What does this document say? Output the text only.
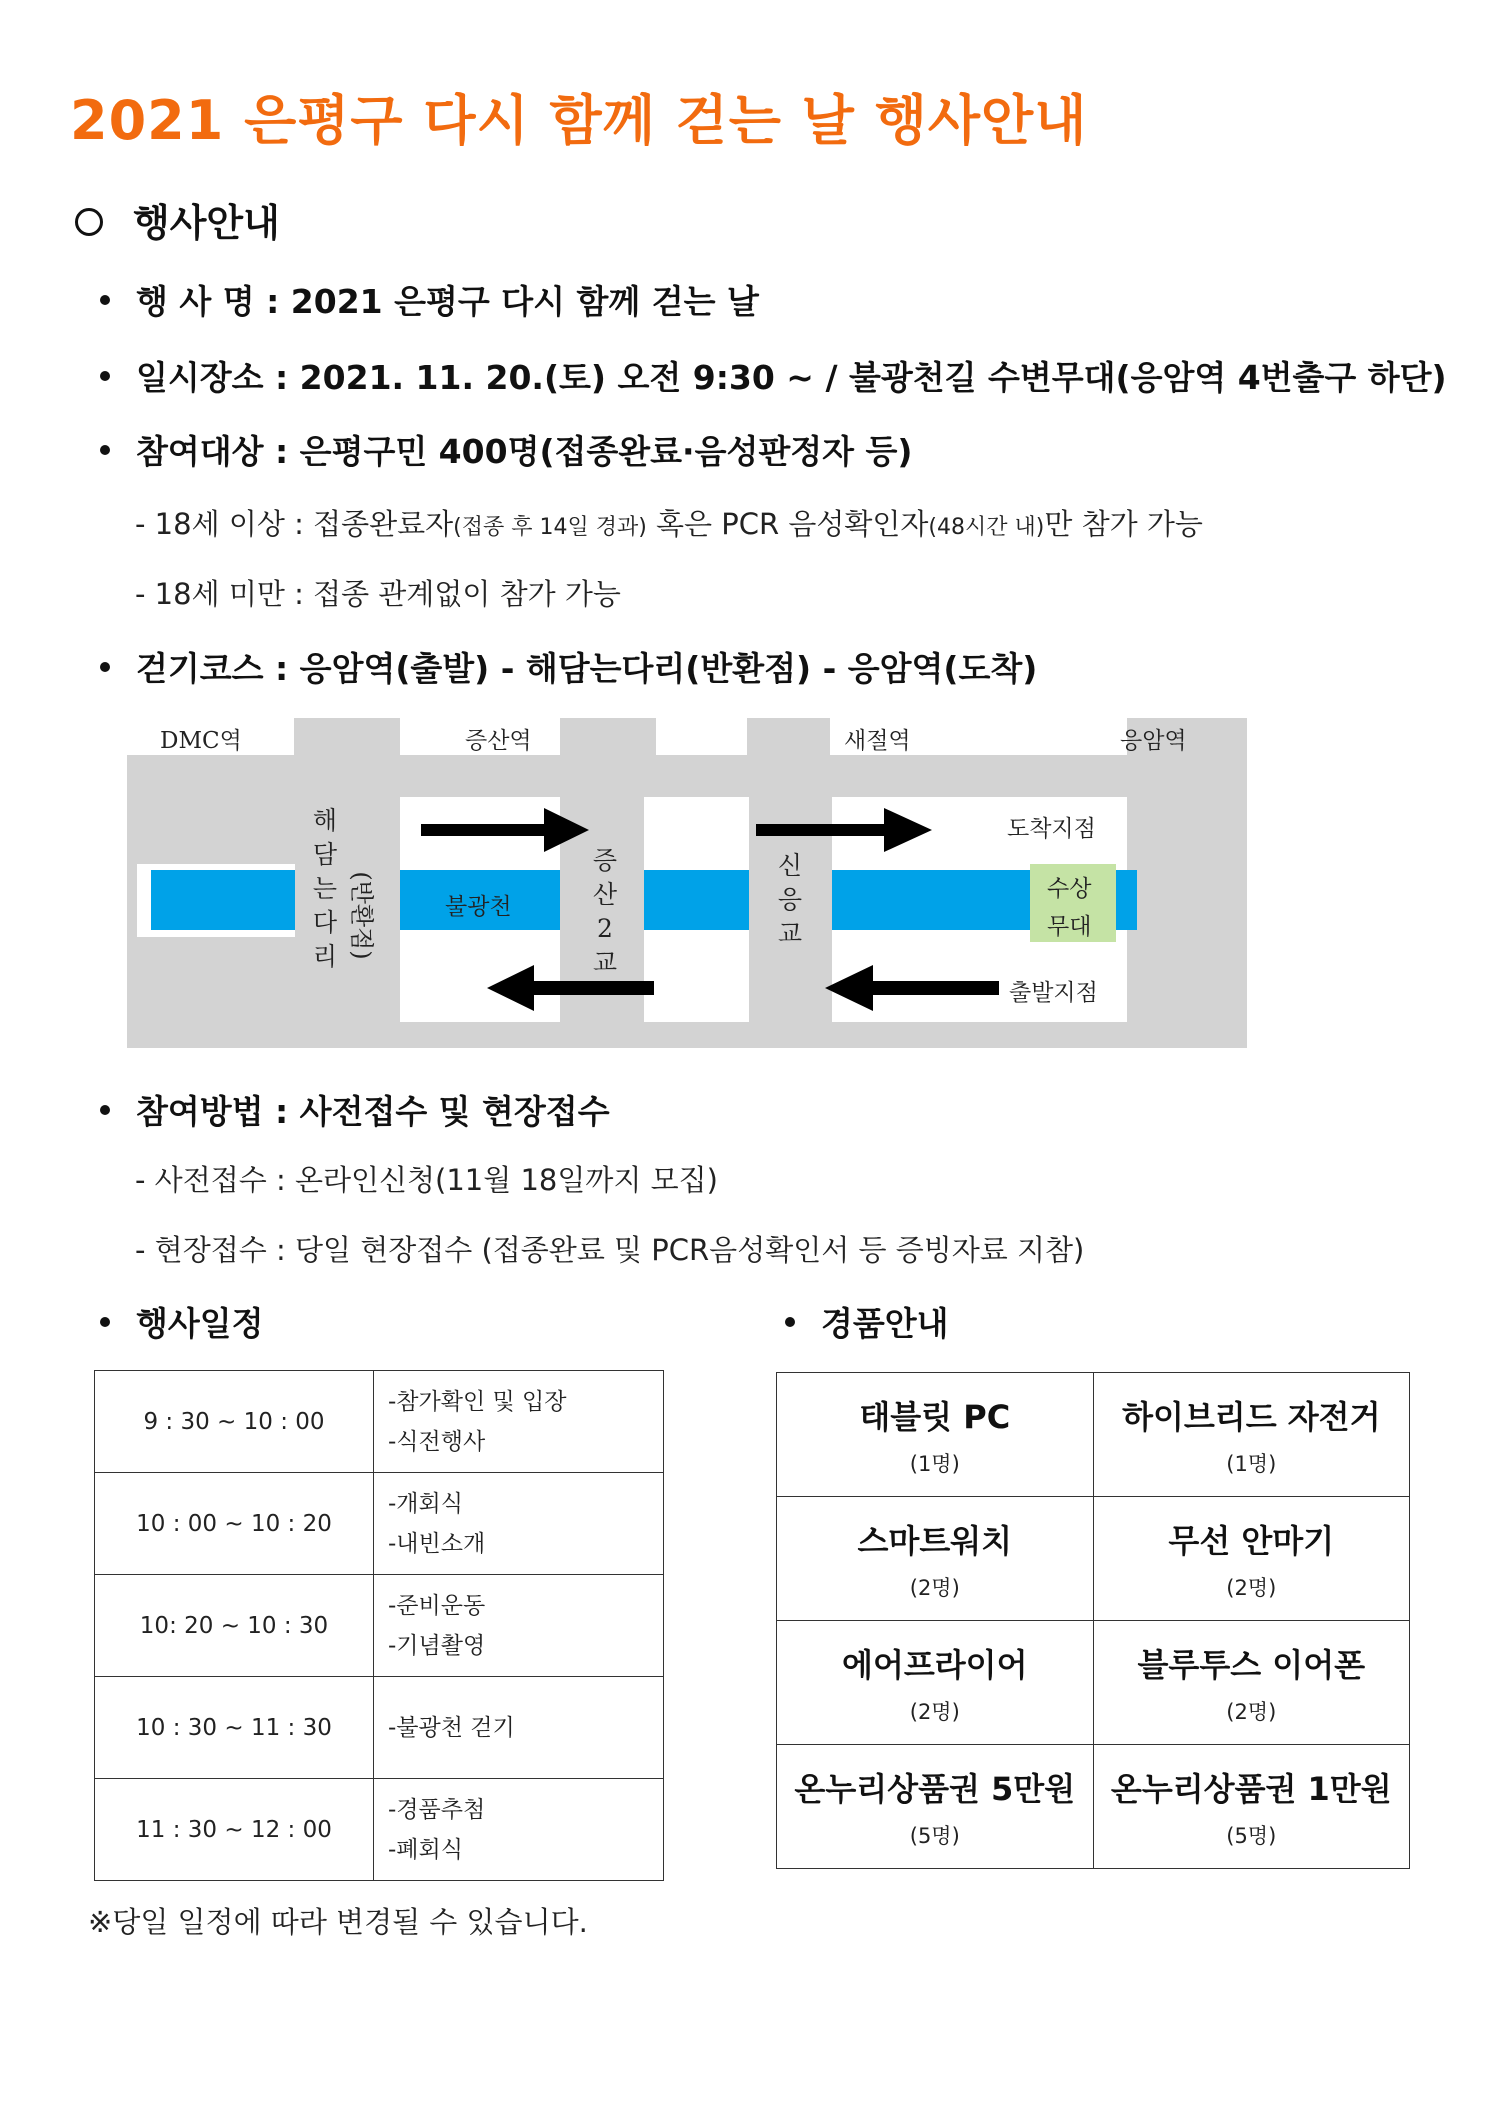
2021 은평구 다시 함께 걷는 날 행사안내
행사안내
행 사 명 : 2021 은평구 다시 함께 걷는 날
일시장소 : 2021. 11. 20.(토) 오전 9:30 ~ / 불광천길 수변무대(응암역 4번출구 하단)
참여대상 : 은평구민 400명(접종완료·음성판정자 등)
- 18세 이상 : 접종완료자(접종 후 14일 경과) 혹은 PCR 음성확인자(48시간 내)만 참가 가능
- 18세 미만 : 접종 관계없이 참가 가능
걷기코스 : 응암역(출발) - 해담는다리(반환점) - 응암역(도착)
DMC역	증산역	새절역	응암역
해
담
는
다
리 (반환점)	불광천
증
산
2
교
신
응
교
수상
무대
도착지점
출발지점
참여방법 : 사전접수 및 현장접수
- 사전접수 : 온라인신청(11월 18일까지 모집)
- 현장접수 : 당일 현장접수 (접종완료 및 PCR음성확인서 등 증빙자료 지참)
행사일정	경품안내
9 : 30 ~ 10 : 00	-참가확인 및 입장
-식전행사

10 : 00 ~ 10 : 20	-개회식
-내빈소개

10: 20 ~ 10 : 30	-준비운동
-기념촬영

10 : 30 ~ 11 : 30	-불광천 걷기

11 : 30 ~ 12 : 00	-경품추첨
-폐회식
태블릿 PC
(1명)	하이브리드 자전거
(1명)

스마트워치
(2명)	무선 안마기
(2명)

에어프라이어
(2명)	블루투스 이어폰
(2명)

온누리상품권 5만원
(5명)	온누리상품권 1만원
(5명)
※당일 일정에 따라 변경될 수 있습니다.
